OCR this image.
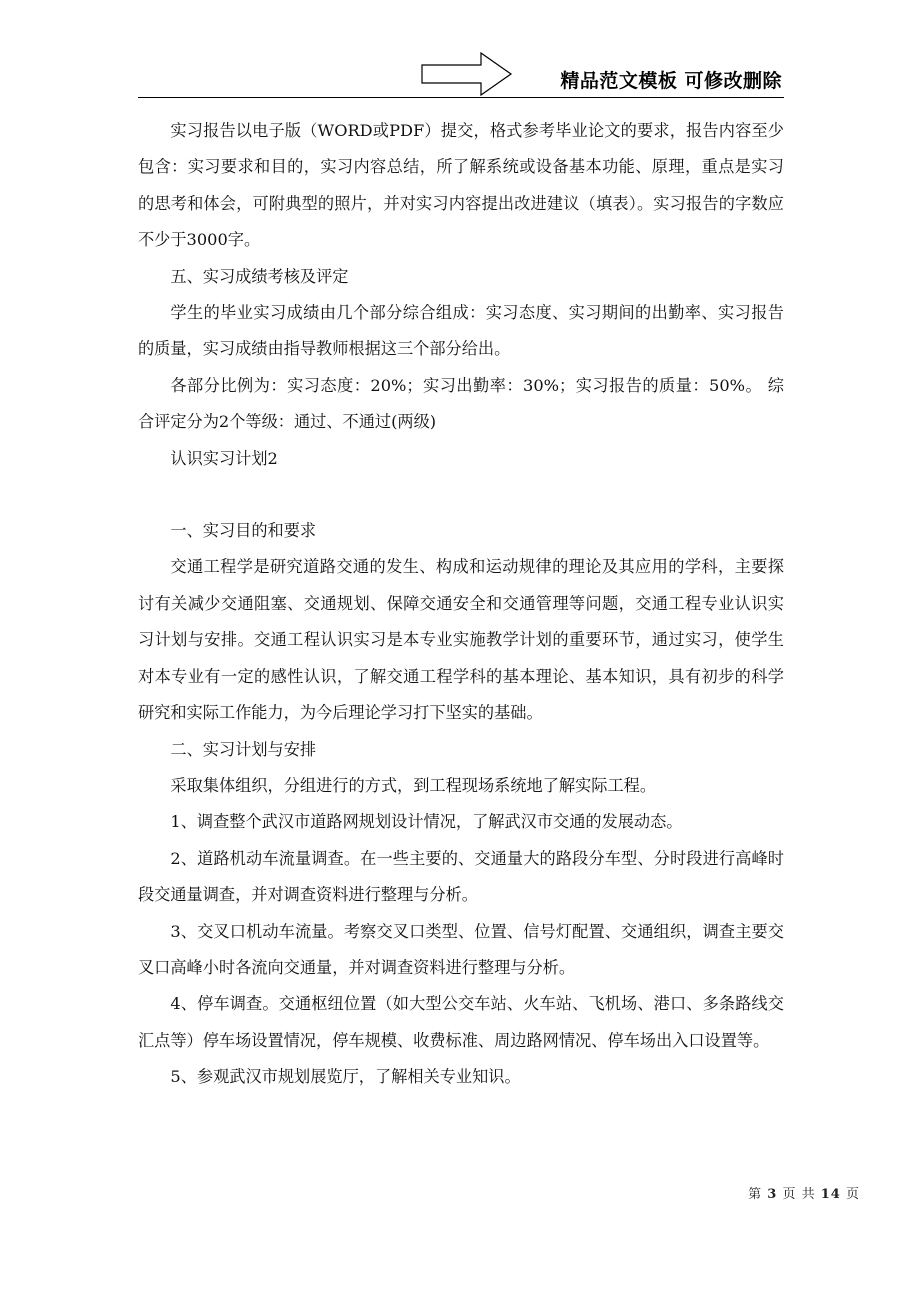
精品范文模板 可修改删除

实习报告以电子版（WORD或PDF）提交，格式参考毕业论文的要求，报告内容至少包含：实习要求和目的，实习内容总结，所了解系统或设备基本功能、原理，重点是实习的思考和体会，可附典型的照片，并对实习内容提出改进建议（填表）。实习报告的字数应不少于3000字。

五、实习成绩考核及评定

学生的毕业实习成绩由几个部分综合组成：实习态度、实习期间的出勤率、实习报告的质量，实习成绩由指导教师根据这三个部分给出。

各部分比例为：实习态度：20%；实习出勤率：30%；实习报告的质量：50%。 综合评定分为2个等级：通过、不通过(两级)

认识实习计划2

一、实习目的和要求

交通工程学是研究道路交通的发生、构成和运动规律的理论及其应用的学科，主要探讨有关减少交通阻塞、交通规划、保障交通安全和交通管理等问题，交通工程专业认识实习计划与安排。交通工程认识实习是本专业实施教学计划的重要环节，通过实习，使学生对本专业有一定的感性认识，了解交通工程学科的基本理论、基本知识，具有初步的科学研究和实际工作能力，为今后理论学习打下坚实的基础。

二、实习计划与安排

采取集体组织，分组进行的方式，到工程现场系统地了解实际工程。

1、调查整个武汉市道路网规划设计情况，了解武汉市交通的发展动态。

2、道路机动车流量调查。在一些主要的、交通量大的路段分车型、分时段进行高峰时段交通量调查，并对调查资料进行整理与分析。

3、交叉口机动车流量。考察交叉口类型、位置、信号灯配置、交通组织，调查主要交叉口高峰小时各流向交通量，并对调查资料进行整理与分析。

4、停车调查。交通枢纽位置（如大型公交车站、火车站、飞机场、港口、多条路线交汇点等）停车场设置情况，停车规模、收费标准、周边路网情况、停车场出入口设置等。

5、参观武汉市规划展览厅，了解相关专业知识。

第 3 页 共 14 页
